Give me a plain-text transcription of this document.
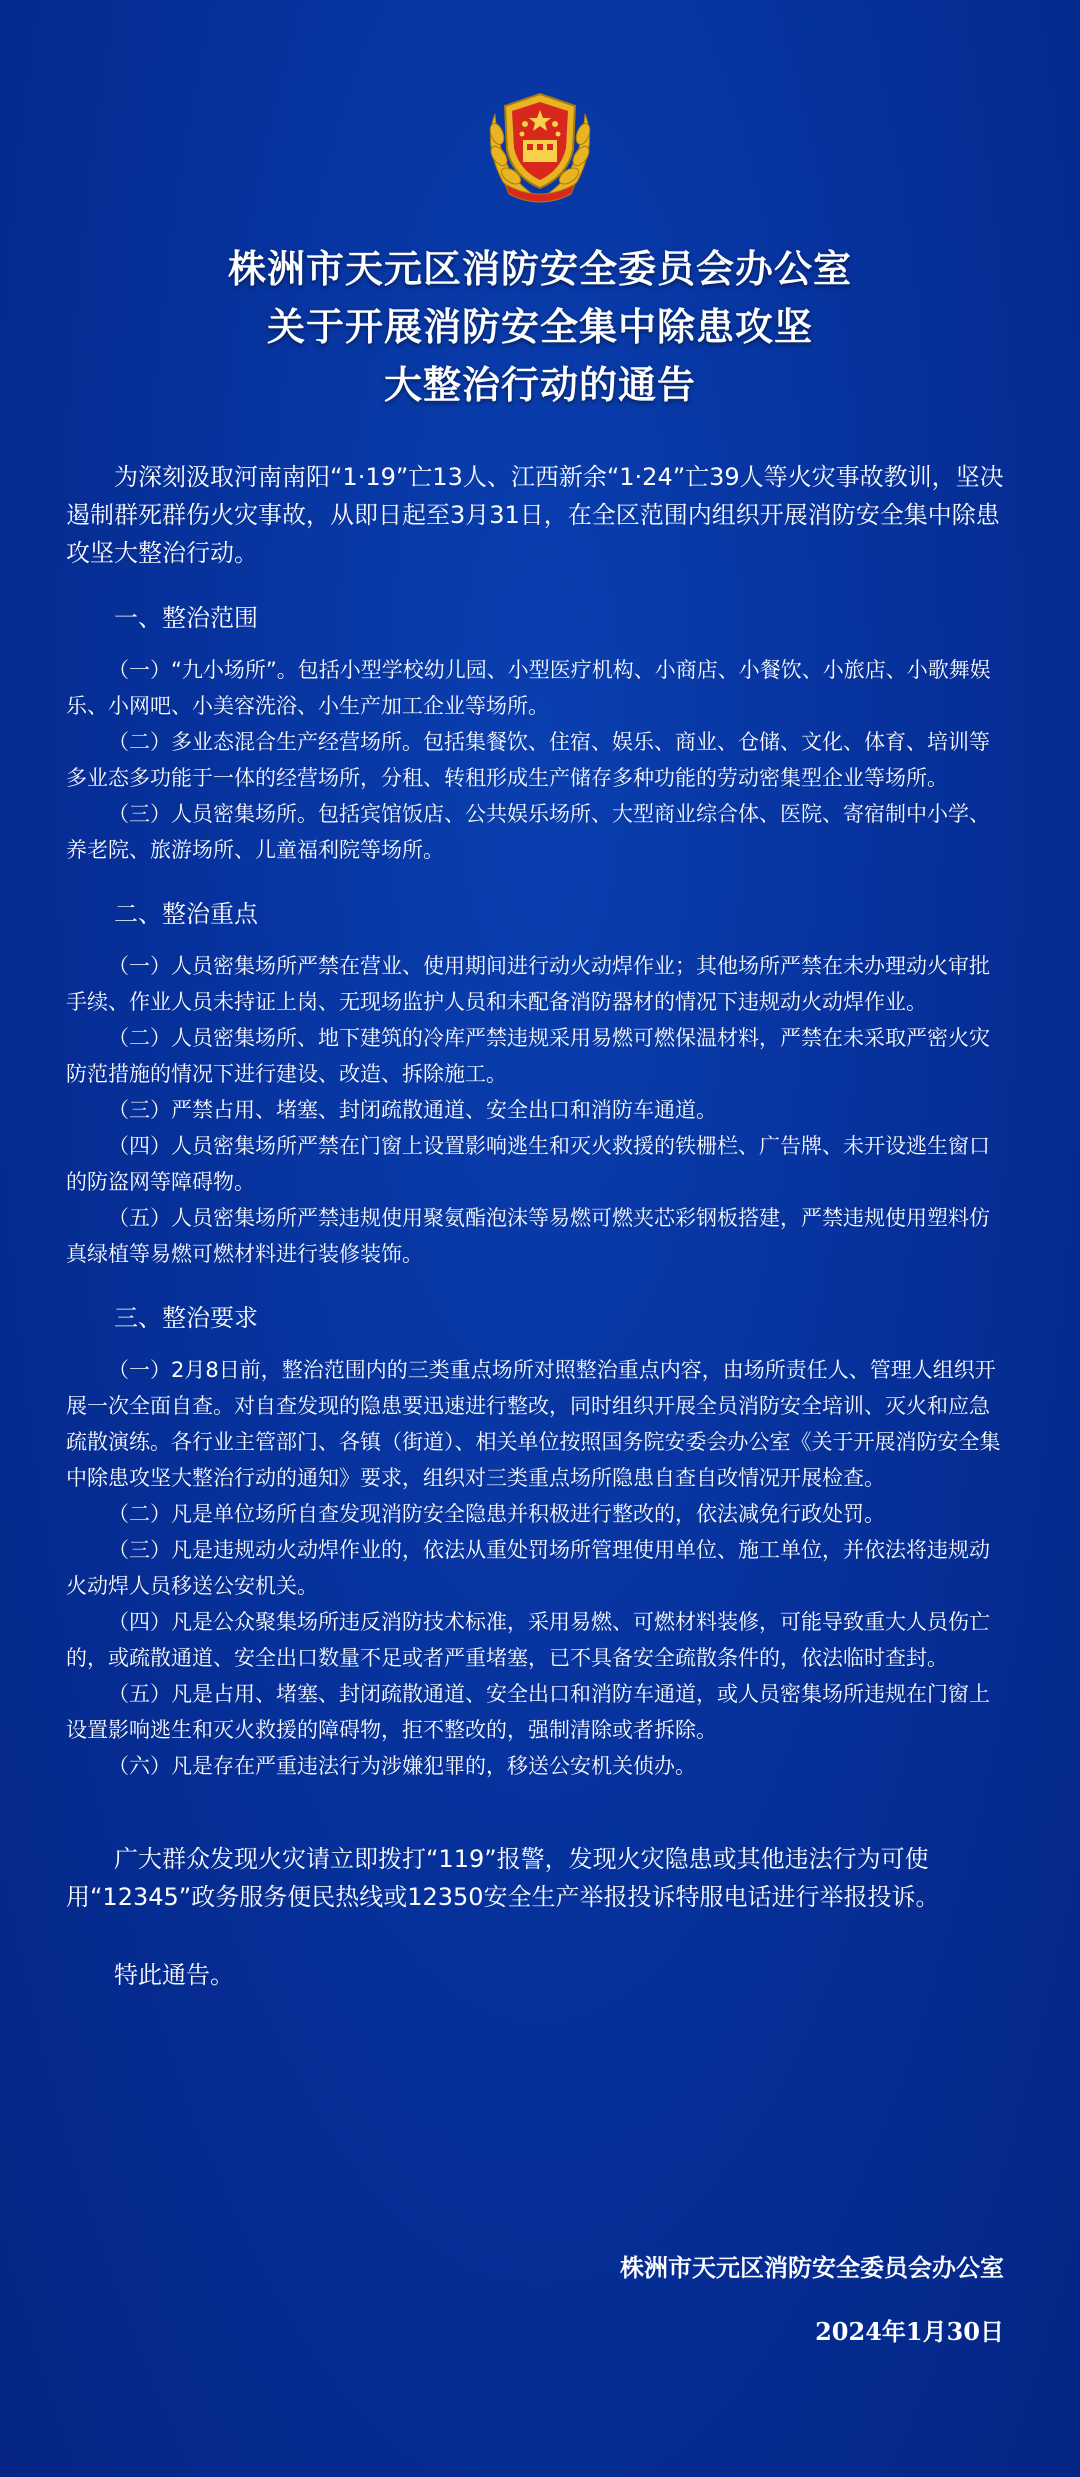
株洲市天元区消防安全委员会办公室
关于开展消防安全集中除患攻坚
大整治行动的通告

为深刻汲取河南南阳“1·19”亡13人、江西新余“1·24”亡39人等火灾事故教训，坚决遏制群死群伤火灾事故，从即日起至3月31日，在全区范围内组织开展消防安全集中除患攻坚大整治行动。

一、整治范围

（一）“九小场所”。包括小型学校幼儿园、小型医疗机构、小商店、小餐饮、小旅店、小歌舞娱乐、小网吧、小美容洗浴、小生产加工企业等场所。

（二）多业态混合生产经营场所。包括集餐饮、住宿、娱乐、商业、仓储、文化、体育、培训等多业态多功能于一体的经营场所，分租、转租形成生产储存多种功能的劳动密集型企业等场所。

（三）人员密集场所。包括宾馆饭店、公共娱乐场所、大型商业综合体、医院、寄宿制中小学、养老院、旅游场所、儿童福利院等场所。

二、整治重点

（一）人员密集场所严禁在营业、使用期间进行动火动焊作业；其他场所严禁在未办理动火审批手续、作业人员未持证上岗、无现场监护人员和未配备消防器材的情况下违规动火动焊作业。

（二）人员密集场所、地下建筑的冷库严禁违规采用易燃可燃保温材料，严禁在未采取严密火灾防范措施的情况下进行建设、改造、拆除施工。

（三）严禁占用、堵塞、封闭疏散通道、安全出口和消防车通道。

（四）人员密集场所严禁在门窗上设置影响逃生和灭火救援的铁栅栏、广告牌、未开设逃生窗口的防盗网等障碍物。

（五）人员密集场所严禁违规使用聚氨酯泡沫等易燃可燃夹芯彩钢板搭建，严禁违规使用塑料仿真绿植等易燃可燃材料进行装修装饰。

三、整治要求

（一）2月8日前，整治范围内的三类重点场所对照整治重点内容，由场所责任人、管理人组织开展一次全面自查。对自查发现的隐患要迅速进行整改，同时组织开展全员消防安全培训、灭火和应急疏散演练。各行业主管部门、各镇（街道）、相关单位按照国务院安委会办公室《关于开展消防安全集中除患攻坚大整治行动的通知》要求，组织对三类重点场所隐患自查自改情况开展检查。

（二）凡是单位场所自查发现消防安全隐患并积极进行整改的，依法减免行政处罚。

（三）凡是违规动火动焊作业的，依法从重处罚场所管理使用单位、施工单位，并依法将违规动火动焊人员移送公安机关。

（四）凡是公众聚集场所违反消防技术标准，采用易燃、可燃材料装修，可能导致重大人员伤亡的，或疏散通道、安全出口数量不足或者严重堵塞，已不具备安全疏散条件的，依法临时查封。

（五）凡是占用、堵塞、封闭疏散通道、安全出口和消防车通道，或人员密集场所违规在门窗上设置影响逃生和灭火救援的障碍物，拒不整改的，强制清除或者拆除。

（六）凡是存在严重违法行为涉嫌犯罪的，移送公安机关侦办。

广大群众发现火灾请立即拨打“119”报警，发现火灾隐患或其他违法行为可使用“12345”政务服务便民热线或12350安全生产举报投诉特服电话进行举报投诉。

特此通告。

株洲市天元区消防安全委员会办公室
2024年1月30日
